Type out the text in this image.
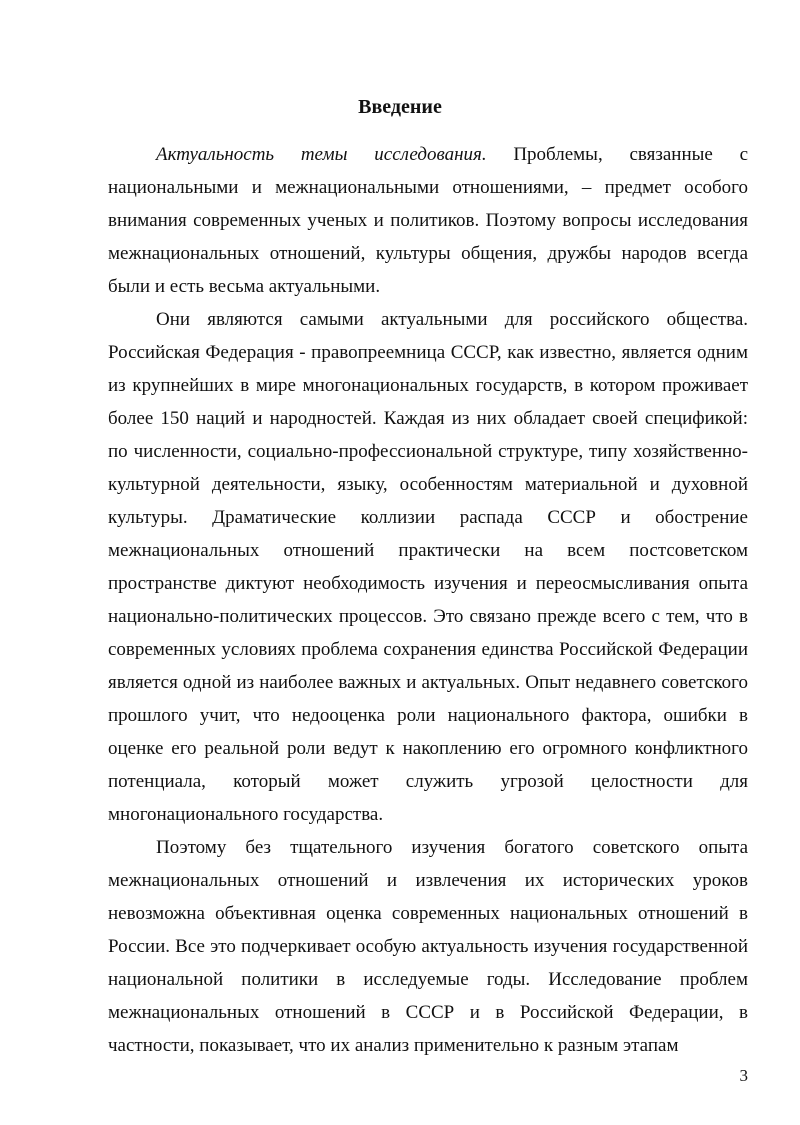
Введение

Актуальность темы исследования. Проблемы, связанные с национальными и межнациональными отношениями, – предмет особого внимания современных ученых и политиков. Поэтому вопросы исследования межнациональных отношений, культуры общения, дружбы народов всегда были и есть весьма актуальными.

Они являются самыми актуальными для российского общества. Российская Федерация - правопреемница СССР, как известно, является одним из крупнейших в мире многонациональных государств, в котором проживает более 150 наций и народностей. Каждая из них обладает своей спецификой: по численности, социально-профессиональной структуре, типу хозяйственно-культурной деятельности, языку, особенностям материальной и духовной культуры. Драматические коллизии распада СССР и обострение межнациональных отношений практически на всем постсоветском пространстве диктуют необходимость изучения и переосмысливания опыта национально-политических процессов. Это связано прежде всего с тем, что в современных условиях проблема сохранения единства Российской Федерации является одной из наиболее важных и актуальных. Опыт недавнего советского прошлого учит, что недооценка роли национального фактора, ошибки в оценке его реальной роли ведут к накоплению его огромного конфликтного потенциала, который может служить угрозой целостности для многонационального государства.

Поэтому без тщательного изучения богатого советского опыта межнациональных отношений и извлечения их исторических уроков невозможна объективная оценка современных национальных отношений в России. Все это подчеркивает особую актуальность изучения государственной национальной политики в исследуемые годы. Исследование проблем межнациональных отношений в СССР и в Российской Федерации, в частности, показывает, что их анализ применительно к разным этапам

3
